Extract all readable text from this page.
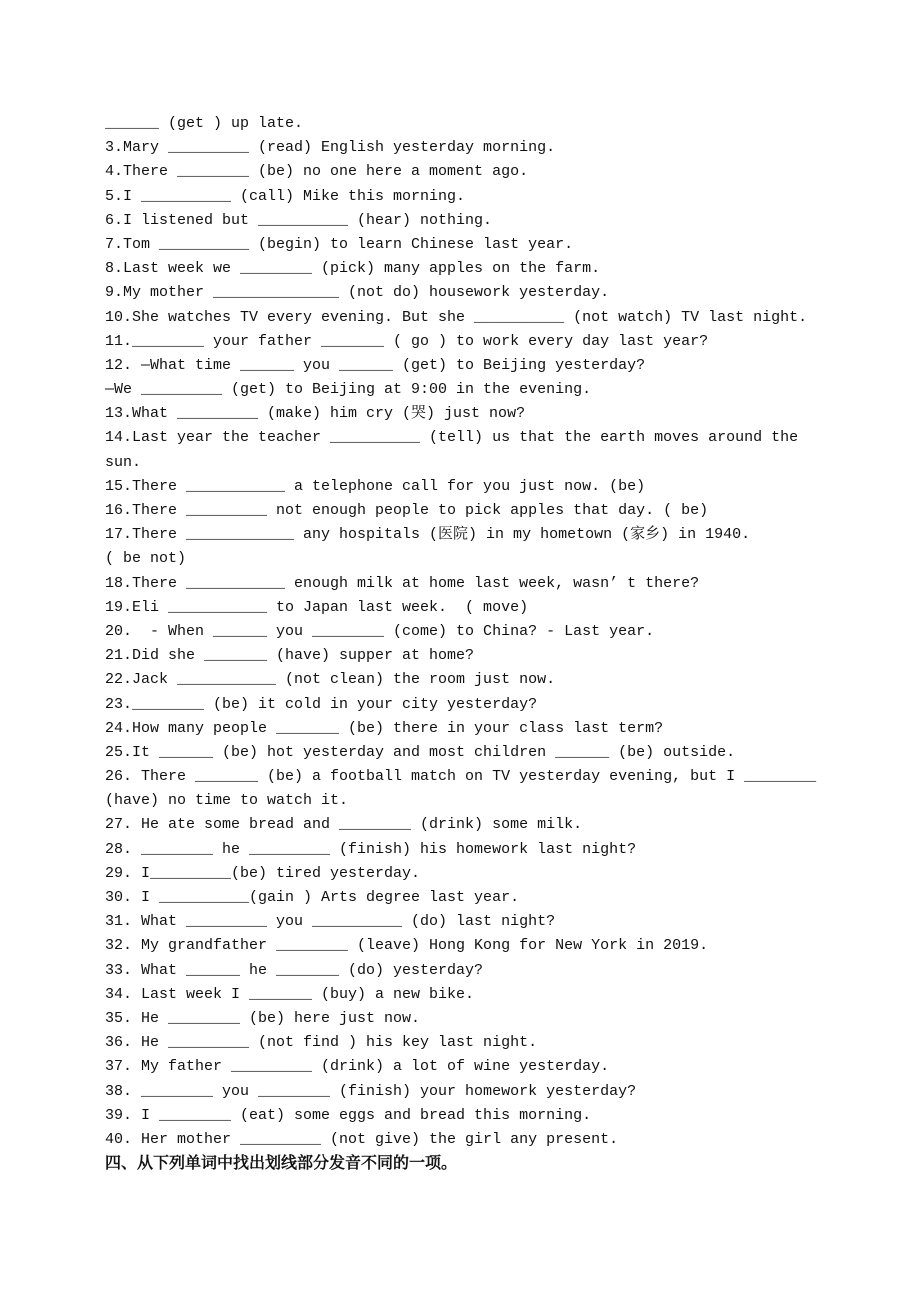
______ (get ) up late.
3.Mary _________ (read) English yesterday morning.
4.There ________ (be) no one here a moment ago.
5.I __________ (call) Mike this morning.
6.I listened but __________ (hear) nothing.
7.Tom __________ (begin) to learn Chinese last year.
8.Last week we ________ (pick) many apples on the farm.
9.My mother ______________ (not do) housework yesterday.
10.She watches TV every evening. But she __________ (not watch) TV last night.
11.________ your father _______ ( go ) to work every day last year?
12. —What time ______ you ______ (get) to Beijing yesterday?
—We _________ (get) to Beijing at 9:00 in the evening.
13.What _________ (make) him cry (哭) just now?
14.Last year the teacher __________ (tell) us that the earth moves around the
sun.
15.There ___________ a telephone call for you just now. (be)
16.There _________ not enough people to pick apples that day. ( be)
17.There ____________ any hospitals (医院) in my hometown (家乡) in 1940.
( be not)
18.There ___________ enough milk at home last week, wasn’ t there?
19.Eli ___________ to Japan last week.  ( move)
20.  - When ______ you ________ (come) to China? - Last year.
21.Did she _______ (have) supper at home?
22.Jack ___________ (not clean) the room just now.
23.________ (be) it cold in your city yesterday?
24.How many people _______ (be) there in your class last term?
25.It ______ (be) hot yesterday and most children ______ (be) outside.
26. There _______ (be) a football match on TV yesterday evening, but I ________
(have) no time to watch it.
27. He ate some bread and ________ (drink) some milk.
28. ________ he _________ (finish) his homework last night?
29. I_________(be) tired yesterday.
30. I __________(gain ) Arts degree last year.
31. What _________ you __________ (do) last night?
32. My grandfather ________ (leave) Hong Kong for New York in 2019.
33. What ______ he _______ (do) yesterday?
34. Last week I _______ (buy) a new bike.
35. He ________ (be) here just now.
36. He _________ (not find ) his key last night.
37. My father _________ (drink) a lot of wine yesterday.
38. ________ you ________ (finish) your homework yesterday?
39. I ________ (eat) some eggs and bread this morning.
40. Her mother _________ (not give) the girl any present.
四、从下列单词中找出划线部分发音不同的一项。
